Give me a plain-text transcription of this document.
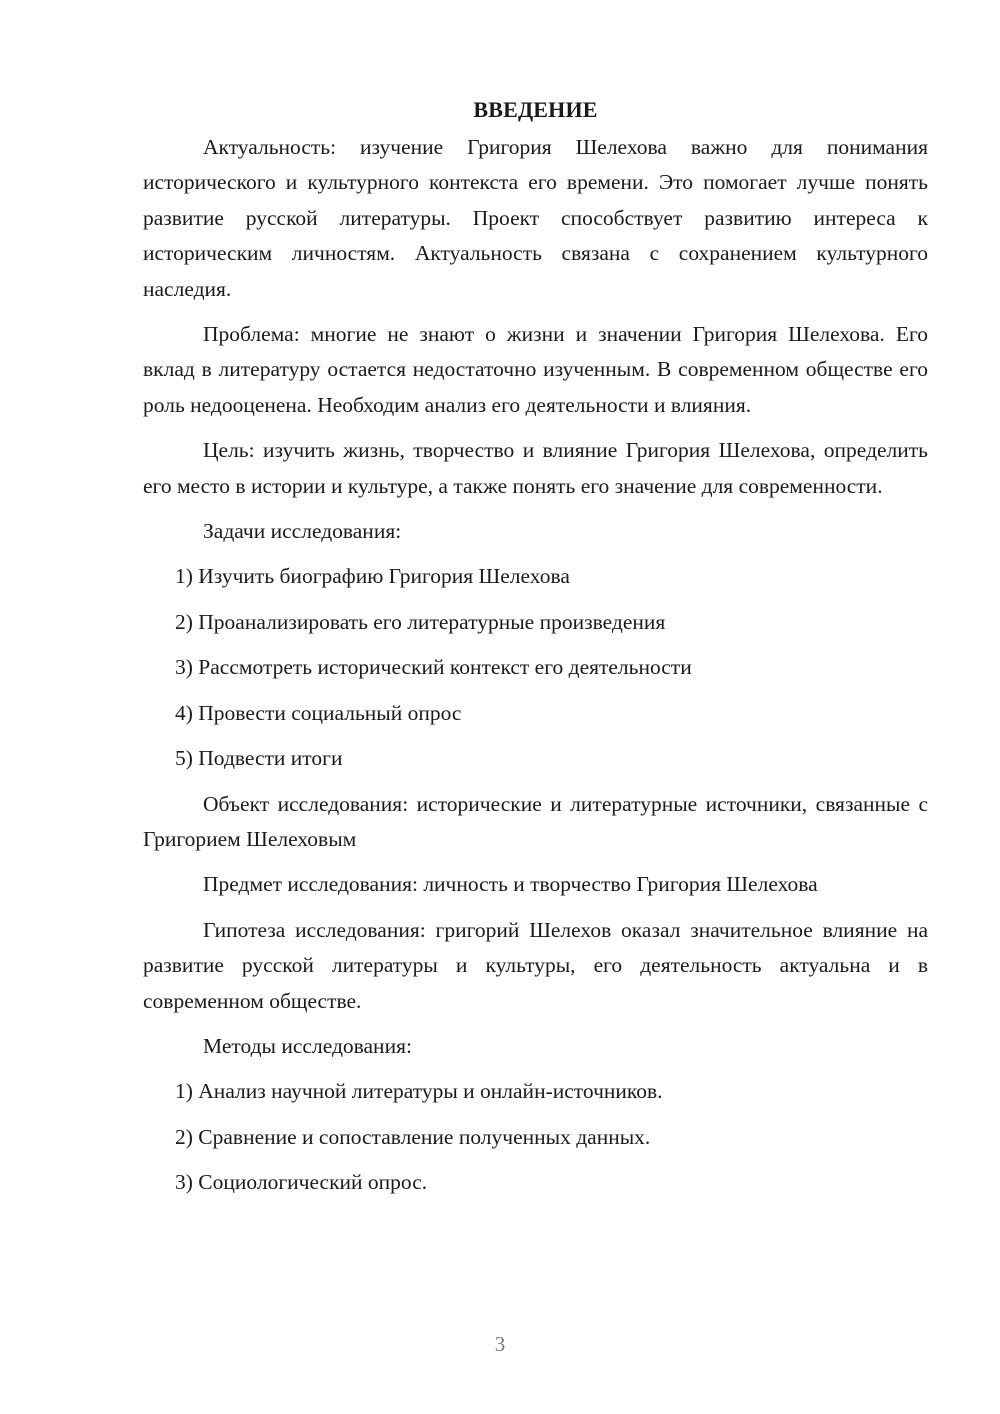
ВВЕДЕНИЕ
Актуальность: изучение Григория Шелехова важно для понимания исторического и культурного контекста его времени. Это помогает лучше понять развитие русской литературы. Проект способствует развитию интереса к историческим личностям. Актуальность связана с сохранением культурного наследия.
Проблема: многие не знают о жизни и значении Григория Шелехова. Его вклад в литературу остается недостаточно изученным. В современном обществе его роль недооценена. Необходим анализ его деятельности и влияния.
Цель: изучить жизнь, творчество и влияние Григория Шелехова, определить его место в истории и культуре, а также понять его значение для современности.
Задачи исследования:
1) Изучить биографию Григория Шелехова
2) Проанализировать его литературные произведения
3) Рассмотреть исторический контекст его деятельности
4) Провести социальный опрос
5) Подвести итоги
Объект исследования: исторические и литературные источники, связанные с Григорием Шелеховым
Предмет исследования: личность и творчество Григория Шелехова
Гипотеза исследования: григорий Шелехов оказал значительное влияние на развитие русской литературы и культуры, его деятельность актуальна и в современном обществе.
Методы исследования:
1) Анализ научной литературы и онлайн-источников.
2) Сравнение и сопоставление полученных данных.
3) Социологический опрос.
3
